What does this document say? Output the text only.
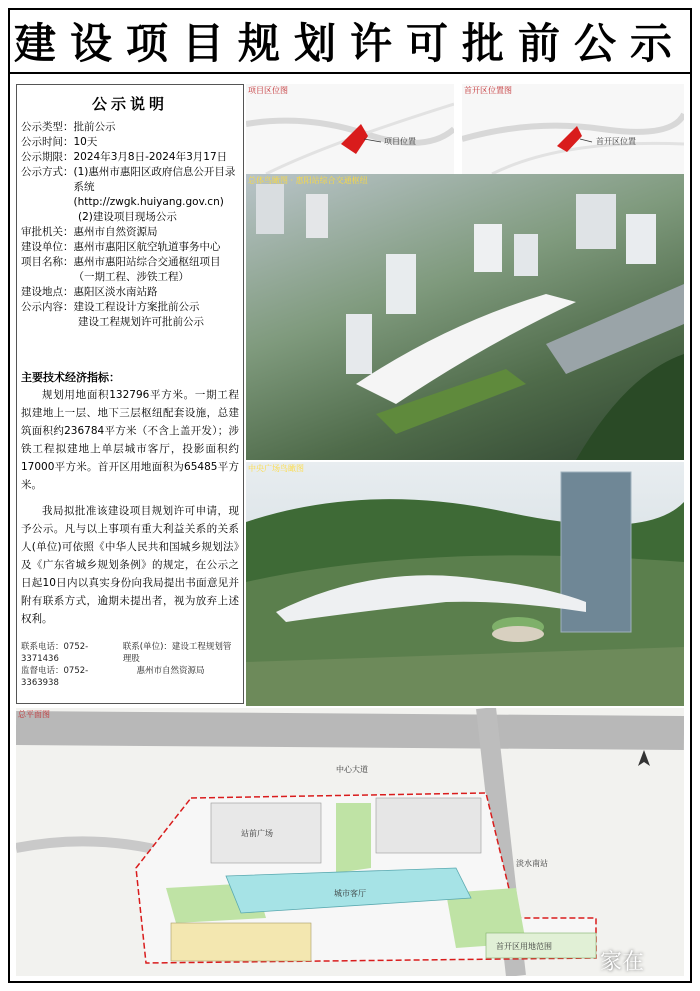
建设项目规划许可批前公示
公示说明
公示类型： 批前公示
公示时间： 10天
公示期限： 2024年3月8日-2024年3月17日
公示方式： (1)惠州市惠阳区政府信息公开目录系统(http://zwgk.huiyang.gov.cn)
(2)建设项目现场公示
审批机关： 惠州市自然资源局
建设单位： 惠州市惠阳区航空轨道事务中心
项目名称： 惠州市惠阳站综合交通枢纽项目（一期工程、涉铁工程）
建设地点： 惠阳区淡水南站路
公示内容： 建设工程设计方案批前公示
建设工程规划许可批前公示
主要技术经济指标：

规划用地面积132796平方米。一期工程拟建地上一层、地下三层枢纽配套设施，总建筑面积约236784平方米（不含上盖开发）；涉铁工程拟建地上单层城市客厅，投影面积约17000平方米。首开区用地面积为65485平方米。

我局拟批准该建设项目规划许可申请，现予公示。凡与以上事项有重大利益关系的关系人(单位)可依照《中华人民共和国城乡规划法》及《广东省城乡规划条例》的规定，在公示之日起10日内以真实身份向我局提出书面意见并附有联系方式，逾期未提出者，视为放弃上述权利。

联系电话：0752-3371436
联系(单位)：建设工程规划管理股
监督电话：0752-3363938
惠州市自然资源局
项目区位图
项目位置
首开区位置图
首开区位置
总体鸟瞰图 · 惠阳站综合交通枢纽
中央广场鸟瞰图
总平面图
中心大道
淡水南站
站前广场
城市客厅
首开区用地范围
家在
